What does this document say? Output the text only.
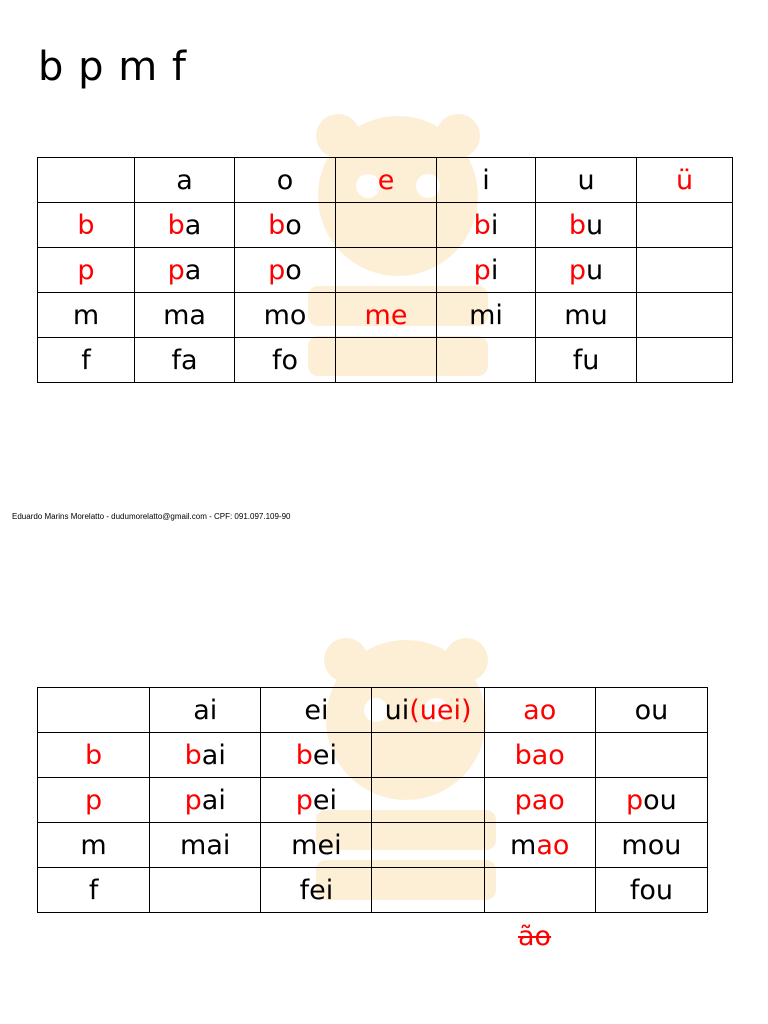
b p m f
	a	o	e	i	u	ü
b	ba	bo		bi	bu	
p	pa	po		pi	pu	
m	ma	mo	me	mi	mu	
f	fa	fo			fu	
Eduardo Marins Morelatto - dudumorelatto@gmail.com - CPF: 091.097.109-90
	ai	ei	ui(uei)	ao	ou
b	bai	bei		bao	
p	pai	pei		pao	pou
m	mai	mei		mao	mou
f		fei			fou
ão
